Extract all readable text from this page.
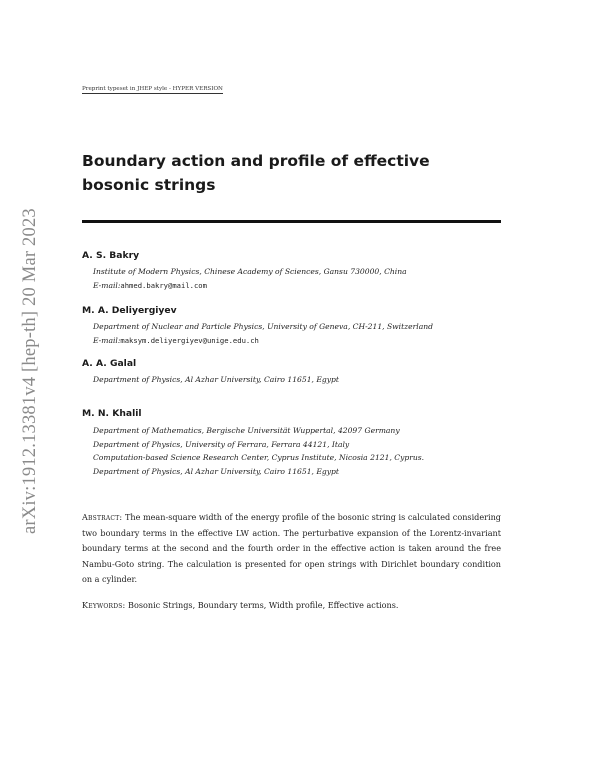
arXiv:1912.13381v4 [hep-th] 20 Mar 2023
Preprint typeset in JHEP style - HYPER VERSION
Boundary action and profile of effective bosonic strings
A. S. Bakry
Institute of Modern Physics, Chinese Academy of Sciences, Gansu 730000, China
E-mail:ahmed.bakry@mail.com
M. A. Deliyergiyev
Department of Nuclear and Particle Physics, University of Geneva, CH-211, Switzerland
E-mail:maksym.deliyergiyev@unige.edu.ch
A. A. Galal
Department of Physics, Al Azhar University, Cairo 11651, Egypt
M. N. Khalil
Department of Mathematics, Bergische Universität Wuppertal, 42097 Germany
Department of Physics, University of Ferrara, Ferrara 44121, Italy
Computation-based Science Research Center, Cyprus Institute, Nicosia 2121, Cyprus.
Department of Physics, Al Azhar University, Cairo 11651, Egypt
Abstract: The mean-square width of the energy profile of the bosonic string is calculated considering two boundary terms in the effective LW action. The perturbative expansion of the Lorentz-invariant boundary terms at the second and the fourth order in the effective action is taken around the free Nambu-Goto string. The calculation is presented for open strings with Dirichlet boundary condition on a cylinder.
Keywords: Bosonic Strings, Boundary terms, Width profile, Effective actions.
